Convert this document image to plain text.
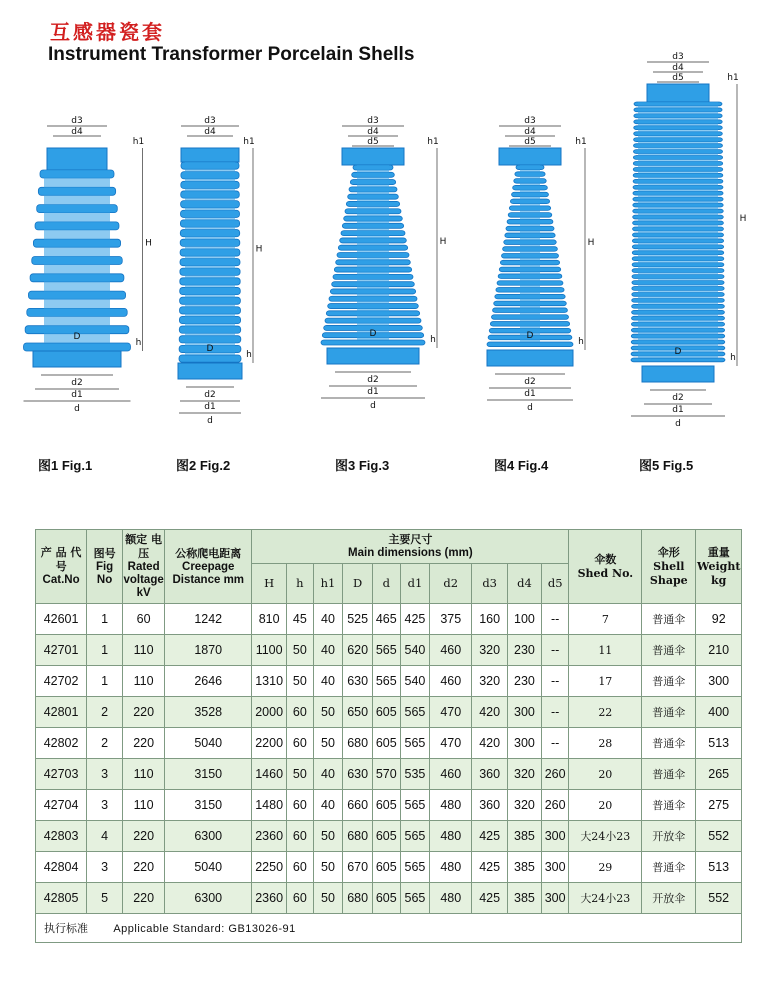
互感器瓷套
Instrument Transformer Porcelain Shells
d3
d4
H
h1
h
D
d2
d1
d
d3
d4
H
h1
h
D
d2
d1
d
d3
d4
d5
H
h1
h
D
d2
d1
d
d3
d4
d5
H
h1
h
D
d2
d1
d
d3
d4
d5
H
h1
h
D
d2
d1
d
图1 Fig.1	图2 Fig.2	图3 Fig.3	图4 Fig.4	图5 Fig.5
产 品 代 号
Cat.No	图号
Fig No	额定 电压
Rated voltage kV	公称爬电距离
Creepage Distance mm	主要尺寸
Main dimensions (mm)										伞数
Shed No.	伞形
Shell Shape	重量
Weight kg
				H	h	h1	D	d	d1	d2	d3	d4	d5			
42601	1	60	1242	810	45	40	525	465	425	375	160	100	--	7	普通伞	92
42701	1	110	1870	1100	50	40	620	565	540	460	320	230	--	11	普通伞	210
42702	1	110	2646	1310	50	40	630	565	540	460	320	230	--	17	普通伞	300
42801	2	220	3528	2000	60	50	650	605	565	470	420	300	--	22	普通伞	400
42802	2	220	5040	2200	60	50	680	605	565	470	420	300	--	28	普通伞	513
42703	3	110	3150	1460	50	40	630	570	535	460	360	320	260	20	普通伞	265
42704	3	110	3150	1480	60	40	660	605	565	480	360	320	260	20	普通伞	275
42803	4	220	6300	2360	60	50	680	605	565	480	425	385	300	大24小23	开放伞	552
42804	3	220	5040	2250	60	50	670	605	565	480	425	385	300	29	普通伞	513
42805	5	220	6300	2360	60	50	680	605	565	480	425	385	300	大24小23	开放伞	552
执行标准 Applicable Standard: GB13026-91																
